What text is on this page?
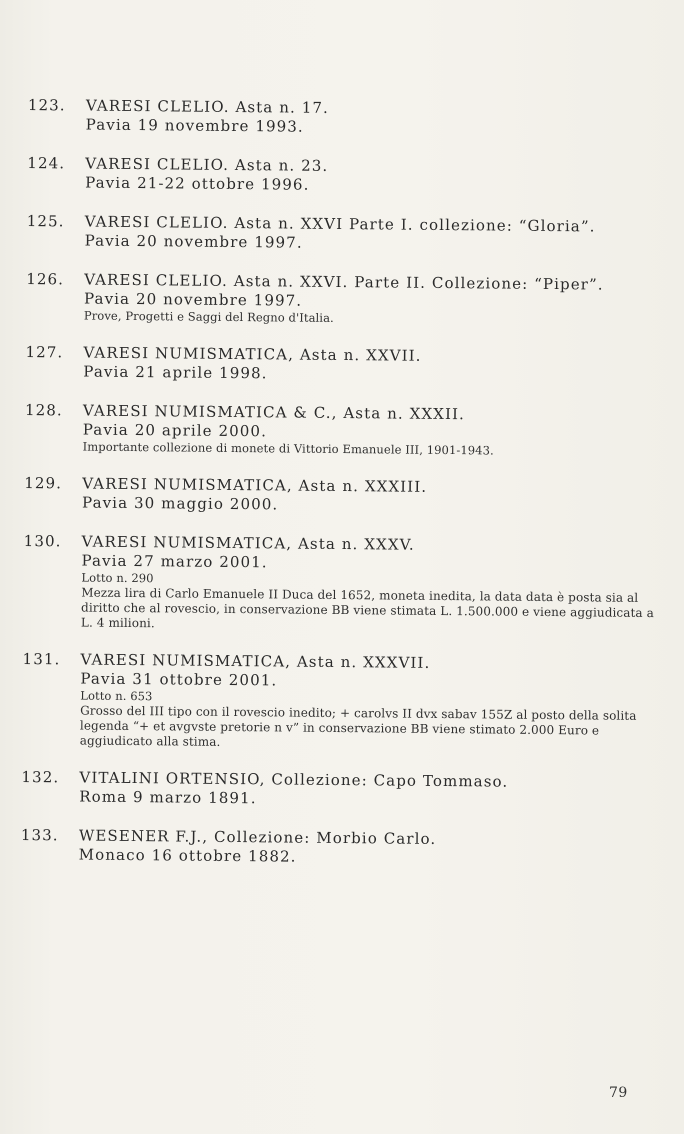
123.	VARESI CLELIO. Asta n. 17.
Pavia 19 novembre 1993.
124.	VARESI CLELIO. Asta n. 23.
Pavia 21-22 ottobre 1996.
125.	VARESI CLELIO. Asta n. XXVI Parte I. collezione: “Gloria”.
Pavia 20 novembre 1997.
126.	VARESI CLELIO. Asta n. XXVI. Parte II. Collezione: “Piper”.
Pavia 20 novembre 1997.
Prove, Progetti e Saggi del Regno d'Italia.
127.	VARESI NUMISMATICA, Asta n. XXVII.
Pavia 21 aprile 1998.
128.	VARESI NUMISMATICA & C., Asta n. XXXII.
Pavia 20 aprile 2000.
Importante collezione di monete di Vittorio Emanuele III, 1901-1943.
129.	VARESI NUMISMATICA, Asta n. XXXIII.
Pavia 30 maggio 2000.
130.	VARESI NUMISMATICA, Asta n. XXXV.
Pavia 27 marzo 2001.
Lotto n. 290
Mezza lira di Carlo Emanuele II Duca del 1652, moneta inedita, la data data è posta sia al diritto che al rovescio, in conservazione BB viene stimata L. 1.500.000 e viene aggiudicata a L. 4 milioni.
131.	VARESI NUMISMATICA, Asta n. XXXVII.
Pavia 31 ottobre 2001.
Lotto n. 653
Grosso del III tipo con il rovescio inedito; + carolvs II dvx sabav 155Z al posto della solita legenda “+ et avgvste pretorie n v” in conservazione BB viene stimato 2.000 Euro e aggiudicato alla stima.
132.	VITALINI ORTENSIO, Collezione: Capo Tommaso.
Roma 9 marzo 1891.
133.	WESENER F.J., Collezione: Morbio Carlo.
Monaco 16 ottobre 1882.
79
